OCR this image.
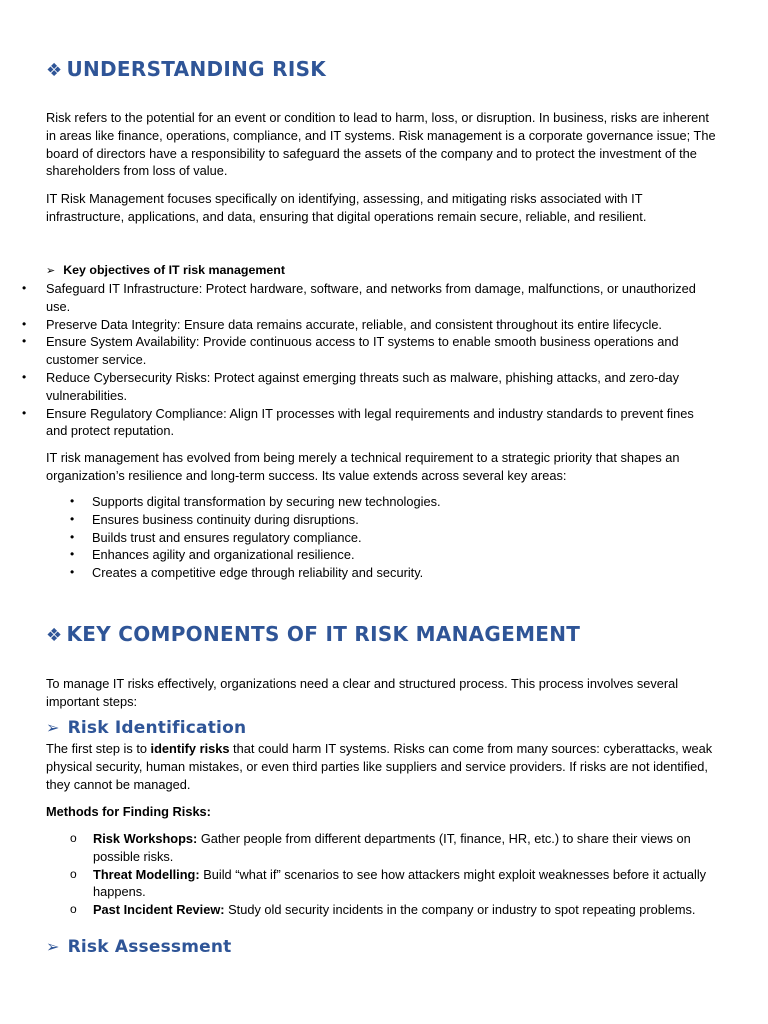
❖ UNDERSTANDING RISK

Risk refers to the potential for an event or condition to lead to harm, loss, or disruption. In business, risks are inherent in areas like finance, operations, compliance, and IT systems. Risk management is a corporate governance issue; The board of directors have a responsibility to safeguard the assets of the company and to protect the investment of the shareholders from loss of value.

IT Risk Management focuses specifically on identifying, assessing, and mitigating risks associated with IT infrastructure, applications, and data, ensuring that digital operations remain secure, reliable, and resilient.

➢ Key objectives of IT risk management
• Safeguard IT Infrastructure: Protect hardware, software, and networks from damage, malfunctions, or unauthorized use.
• Preserve Data Integrity: Ensure data remains accurate, reliable, and consistent throughout its entire lifecycle.
• Ensure System Availability: Provide continuous access to IT systems to enable smooth business operations and customer service.
• Reduce Cybersecurity Risks: Protect against emerging threats such as malware, phishing attacks, and zero-day vulnerabilities.
• Ensure Regulatory Compliance: Align IT processes with legal requirements and industry standards to prevent fines and protect reputation.

IT risk management has evolved from being merely a technical requirement to a strategic priority that shapes an organization’s resilience and long-term success. Its value extends across several key areas:

• Supports digital transformation by securing new technologies.
• Ensures business continuity during disruptions.
• Builds trust and ensures regulatory compliance.
• Enhances agility and organizational resilience.
• Creates a competitive edge through reliability and security.
❖ KEY COMPONENTS OF IT RISK MANAGEMENT

To manage IT risks effectively, organizations need a clear and structured process. This process involves several important steps:

➢ Risk Identification

The first step is to identify risks that could harm IT systems. Risks can come from many sources: cyberattacks, weak physical security, human mistakes, or even third parties like suppliers and service providers. If risks are not identified, they cannot be managed.

Methods for Finding Risks:

o Risk Workshops: Gather people from different departments (IT, finance, HR, etc.) to share their views on possible risks.
o Threat Modelling: Build “what if” scenarios to see how attackers might exploit weaknesses before it actually happens.
o Past Incident Review: Study old security incidents in the company or industry to spot repeating problems.
➢ Risk Assessment
